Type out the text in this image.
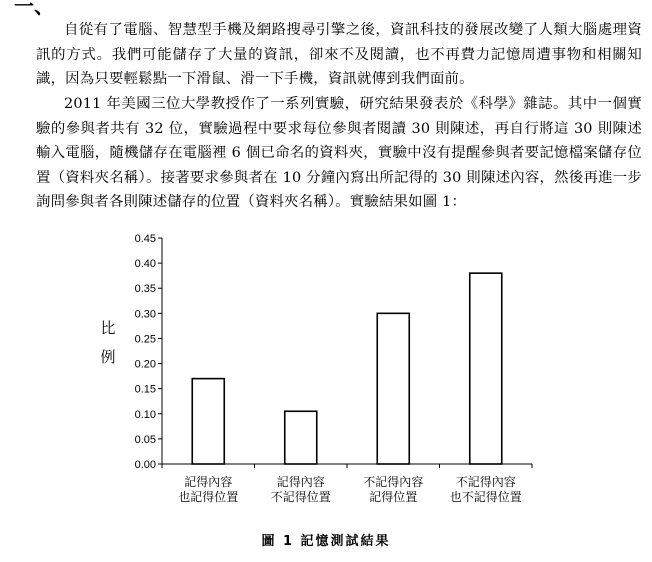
一、

自從有了電腦、智慧型手機及網路搜尋引擎之後，資訊科技的發展改變了人類大腦處理資訊的方式。我們可能儲存了大量的資訊，卻來不及閱讀，也不再費力記憶周遭事物和相關知識，因為只要輕鬆點一下滑鼠、滑一下手機，資訊就傳到我們面前。

2011 年美國三位大學教授作了一系列實驗，研究結果發表於《科學》雜誌。其中一個實驗的參與者共有 32 位，實驗過程中要求每位參與者閱讀 30 則陳述，再自行將這 30 則陳述輸入電腦，隨機儲存在電腦裡 6 個已命名的資料夾，實驗中沒有提醒參與者要記憶檔案儲存位置（資料夾名稱）。接著要求參與者在 10 分鐘內寫出所記得的 30 則陳述內容，然後再進一步詢問參與者各則陳述儲存的位置（資料夾名稱）。實驗結果如圖 1：

比
例
0.45
0.40
0.35
0.30
0.25
0.20
0.15
0.10
0.05
0.00
記得內容也記得位置
記得內容不記得位置
不記得內容記得位置
不記得內容也不記得位置
圖 1 記憶測試結果
